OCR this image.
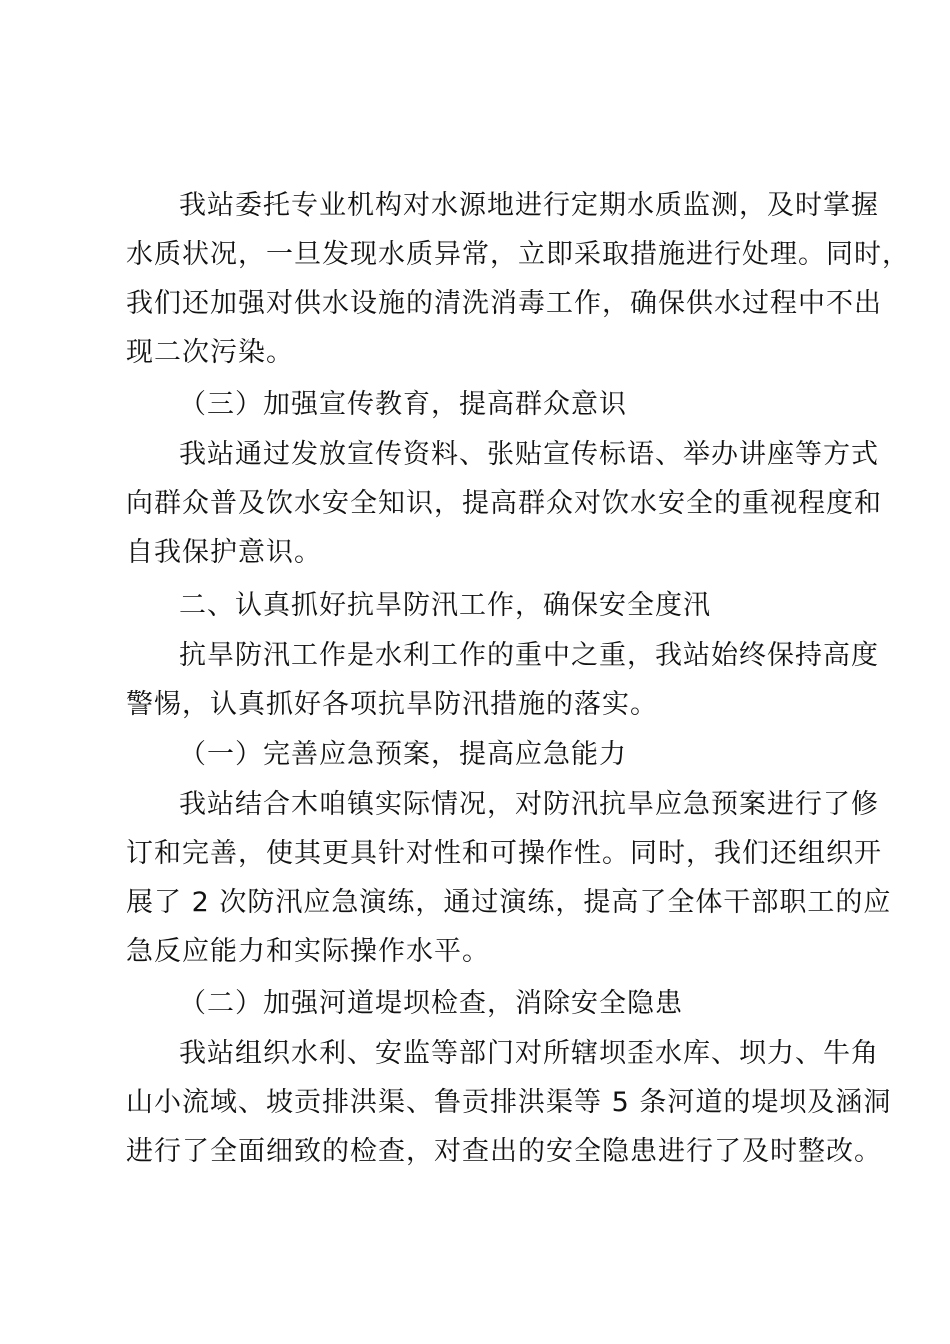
我站委托专业机构对水源地进行定期水质监测，及时掌握
水质状况，一旦发现水质异常，立即采取措施进行处理。同时，
我们还加强对供水设施的清洗消毒工作，确保供水过程中不出
现二次污染。
（三）加强宣传教育，提高群众意识
我站通过发放宣传资料、张贴宣传标语、举办讲座等方式
向群众普及饮水安全知识，提高群众对饮水安全的重视程度和
自我保护意识。
二、认真抓好抗旱防汛工作，确保安全度汛
抗旱防汛工作是水利工作的重中之重，我站始终保持高度
警惕，认真抓好各项抗旱防汛措施的落实。
（一）完善应急预案，提高应急能力
我站结合木咱镇实际情况，对防汛抗旱应急预案进行了修
订和完善，使其更具针对性和可操作性。同时，我们还组织开
展了 2 次防汛应急演练，通过演练，提高了全体干部职工的应
急反应能力和实际操作水平。
（二）加强河道堤坝检查，消除安全隐患
我站组织水利、安监等部门对所辖坝歪水库、坝力、牛角
山小流域、坡贡排洪渠、鲁贡排洪渠等 5 条河道的堤坝及涵洞
进行了全面细致的检查，对查出的安全隐患进行了及时整改。
